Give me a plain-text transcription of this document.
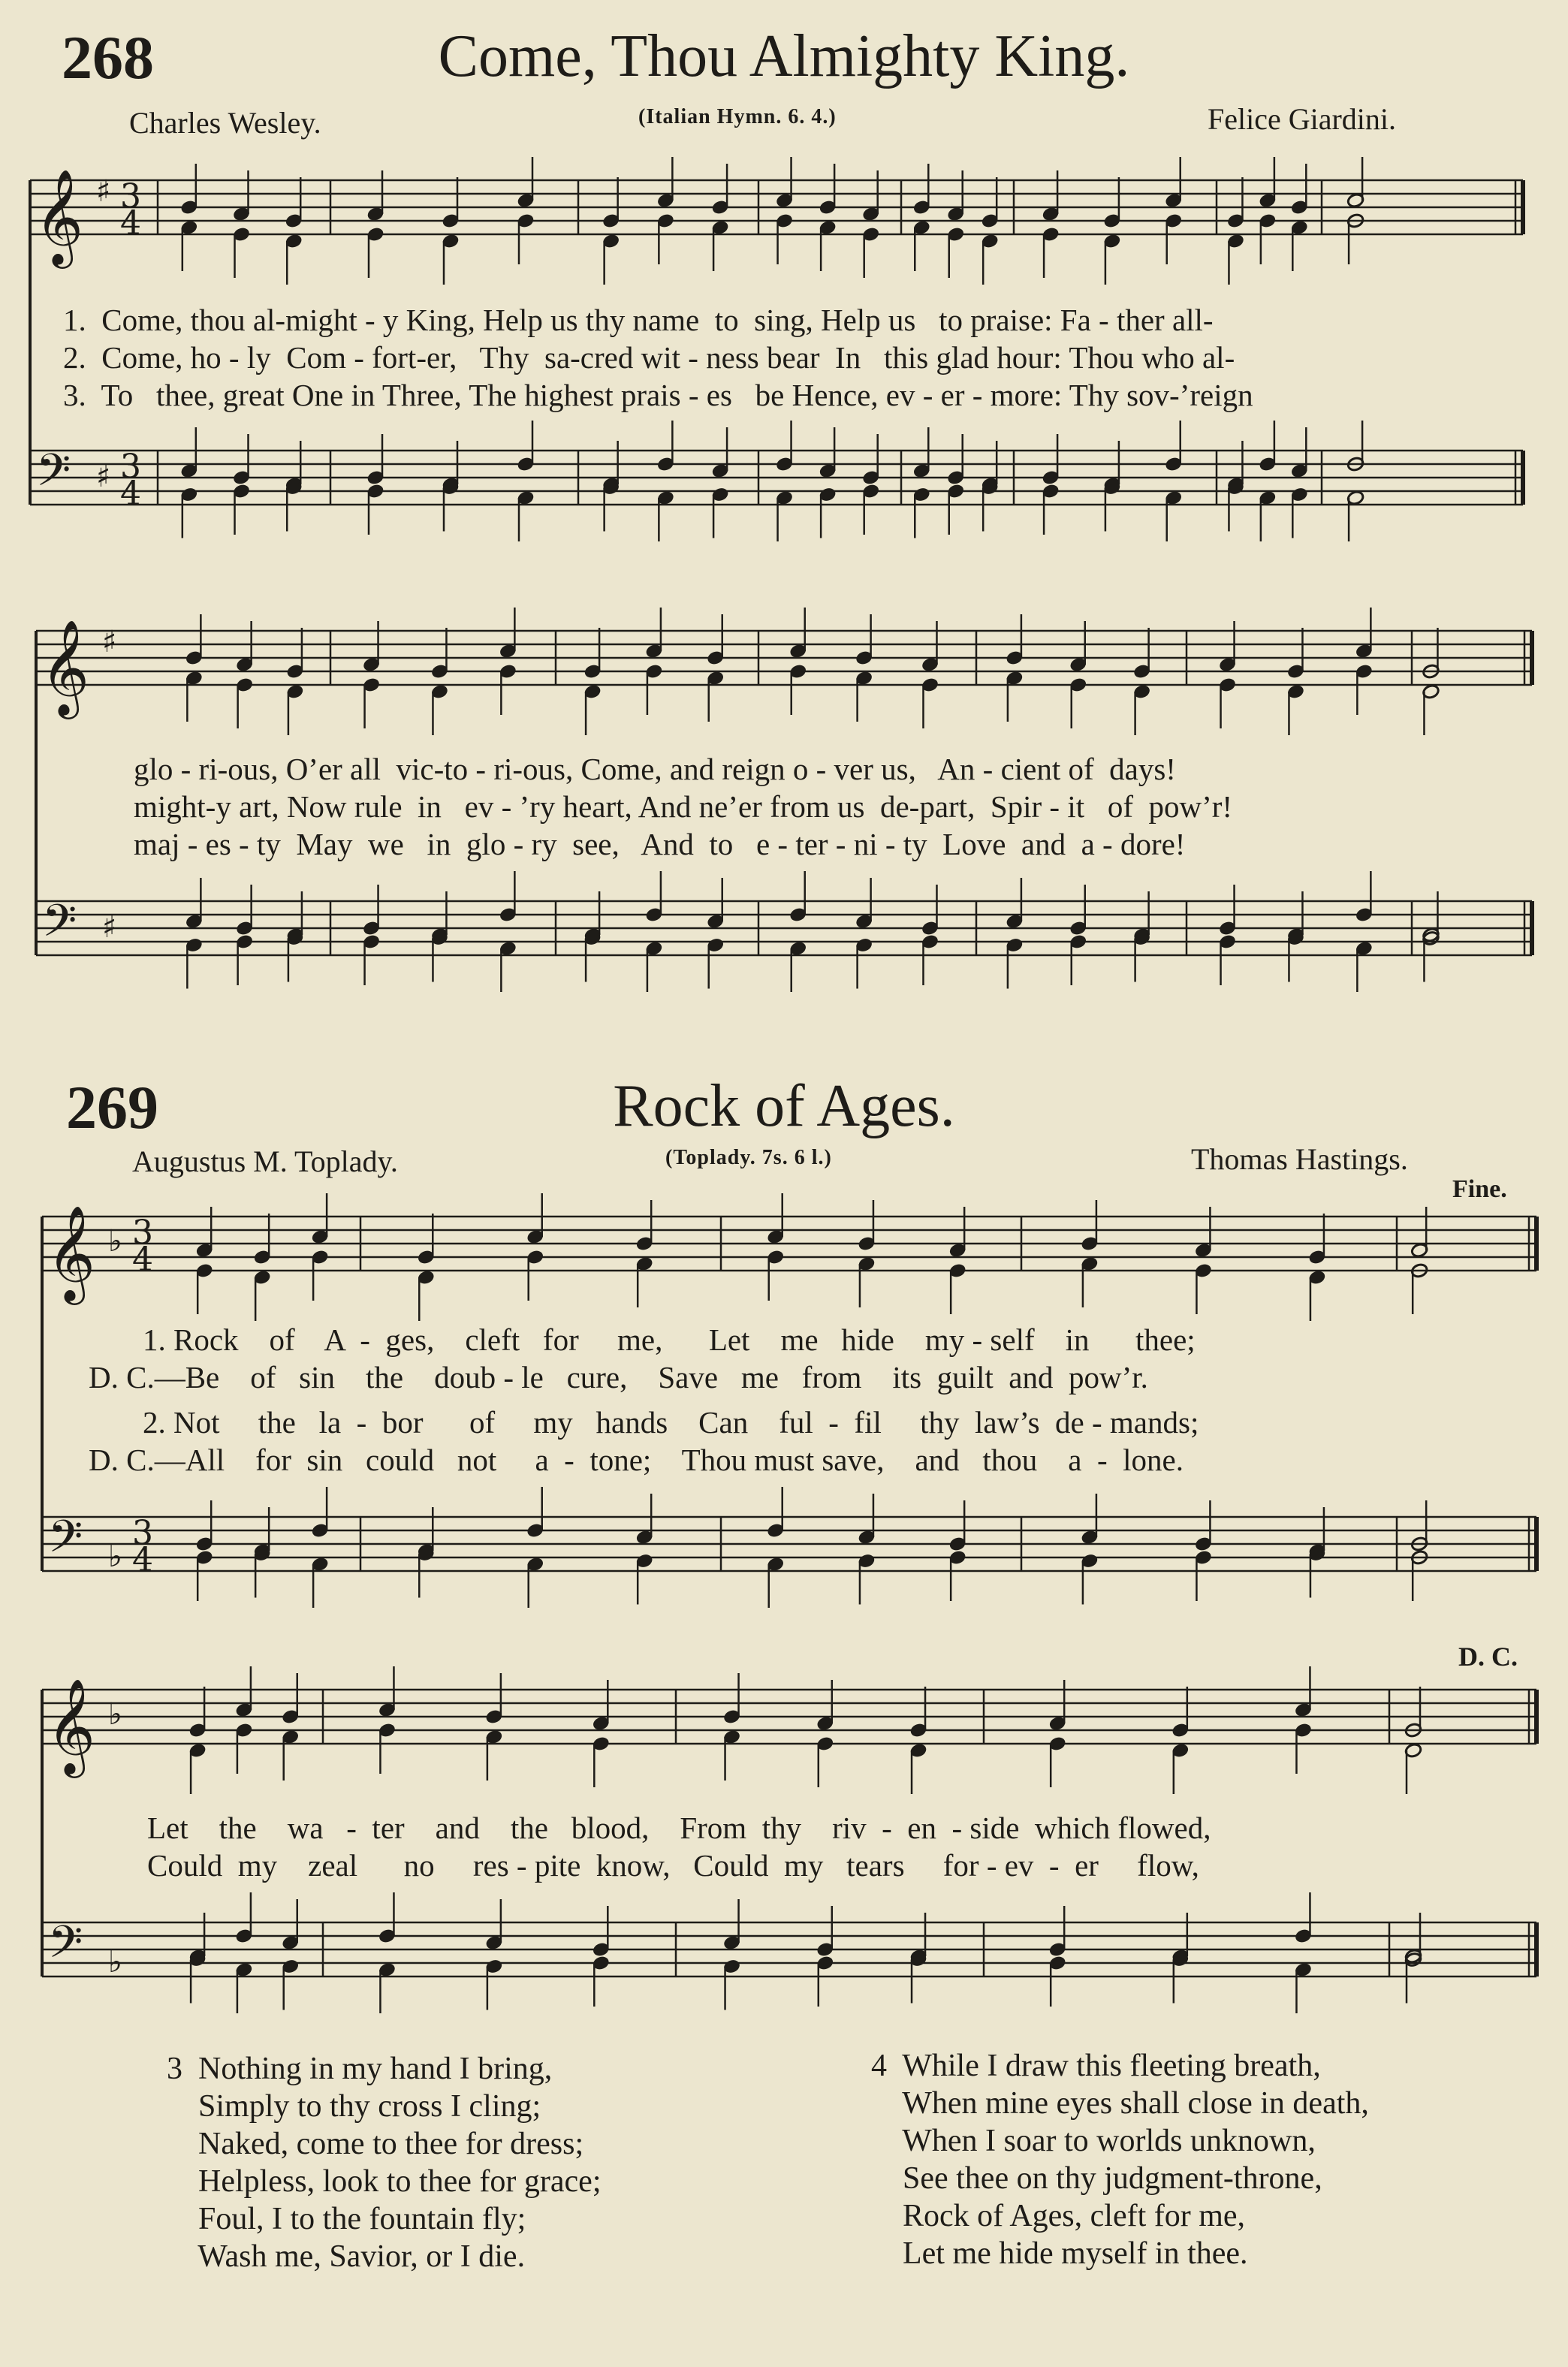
268	Come, Thou Almighty King.
Charles Wesley.	(Italian Hymn. 6. 4.)	Felice Giardini.
269	Rock of Ages.
Augustus M. Toplady.	(Toplady. 7s. 6 l.)	Thomas Hastings.
Fine.
D. C.
𝄞
𝄢
♯
♯
3
4
3
4
𝄞
𝄢
♯
♯
𝄞
𝄢
♭
♭
3
4
3
4
𝄞
𝄢
♭
♭
1.  Come, thou al-might - y King, Help us thy name  to  sing, Help us   to praise: Fa - ther all-
2.  Come, ho - ly  Com - fort-er,   Thy  sa-cred wit - ness bear  In   this glad hour: Thou who al-
3.  To   thee, great One in Three, The highest prais - es   be Hence, ev - er - more: Thy sov-’reign
glo - ri-ous, O’er all  vic-to - ri-ous, Come, and reign o - ver us,   An - cient of  days!
might-y art, Now rule  in   ev - ’ry heart, And ne’er from us  de-part,  Spir - it   of  pow’r!
maj - es - ty  May  we   in  glo - ry  see,   And  to   e - ter - ni - ty  Love  and  a - dore!
1. Rock    of    A  -  ges,    cleft   for     me,      Let    me   hide    my - self    in      thee;
D. C.—Be    of   sin    the    doub - le   cure,    Save   me   from    its  guilt  and  pow’r.
2. Not     the   la  -  bor      of     my   hands    Can    ful  -  fil     thy  law’s  de - mands;
D. C.—All    for  sin   could   not     a  -  tone;    Thou must save,    and   thou    a  -  lone.
Let    the    wa   -  ter    and    the   blood,    From  thy    riv  -  en  - side  which flowed,
Could  my    zeal      no     res - pite  know,   Could  my   tears     for - ev  -  er     flow,
3  Nothing in my hand I bring,
Simply to thy cross I cling;
Naked, come to thee for dress;
Helpless, look to thee for grace;
Foul, I to the fountain fly;
Wash me, Savior, or I die.
4  While I draw this fleeting breath,
When mine eyes shall close in death,
When I soar to worlds unknown,
See thee on thy judgment-throne,
Rock of Ages, cleft for me,
Let me hide myself in thee.
